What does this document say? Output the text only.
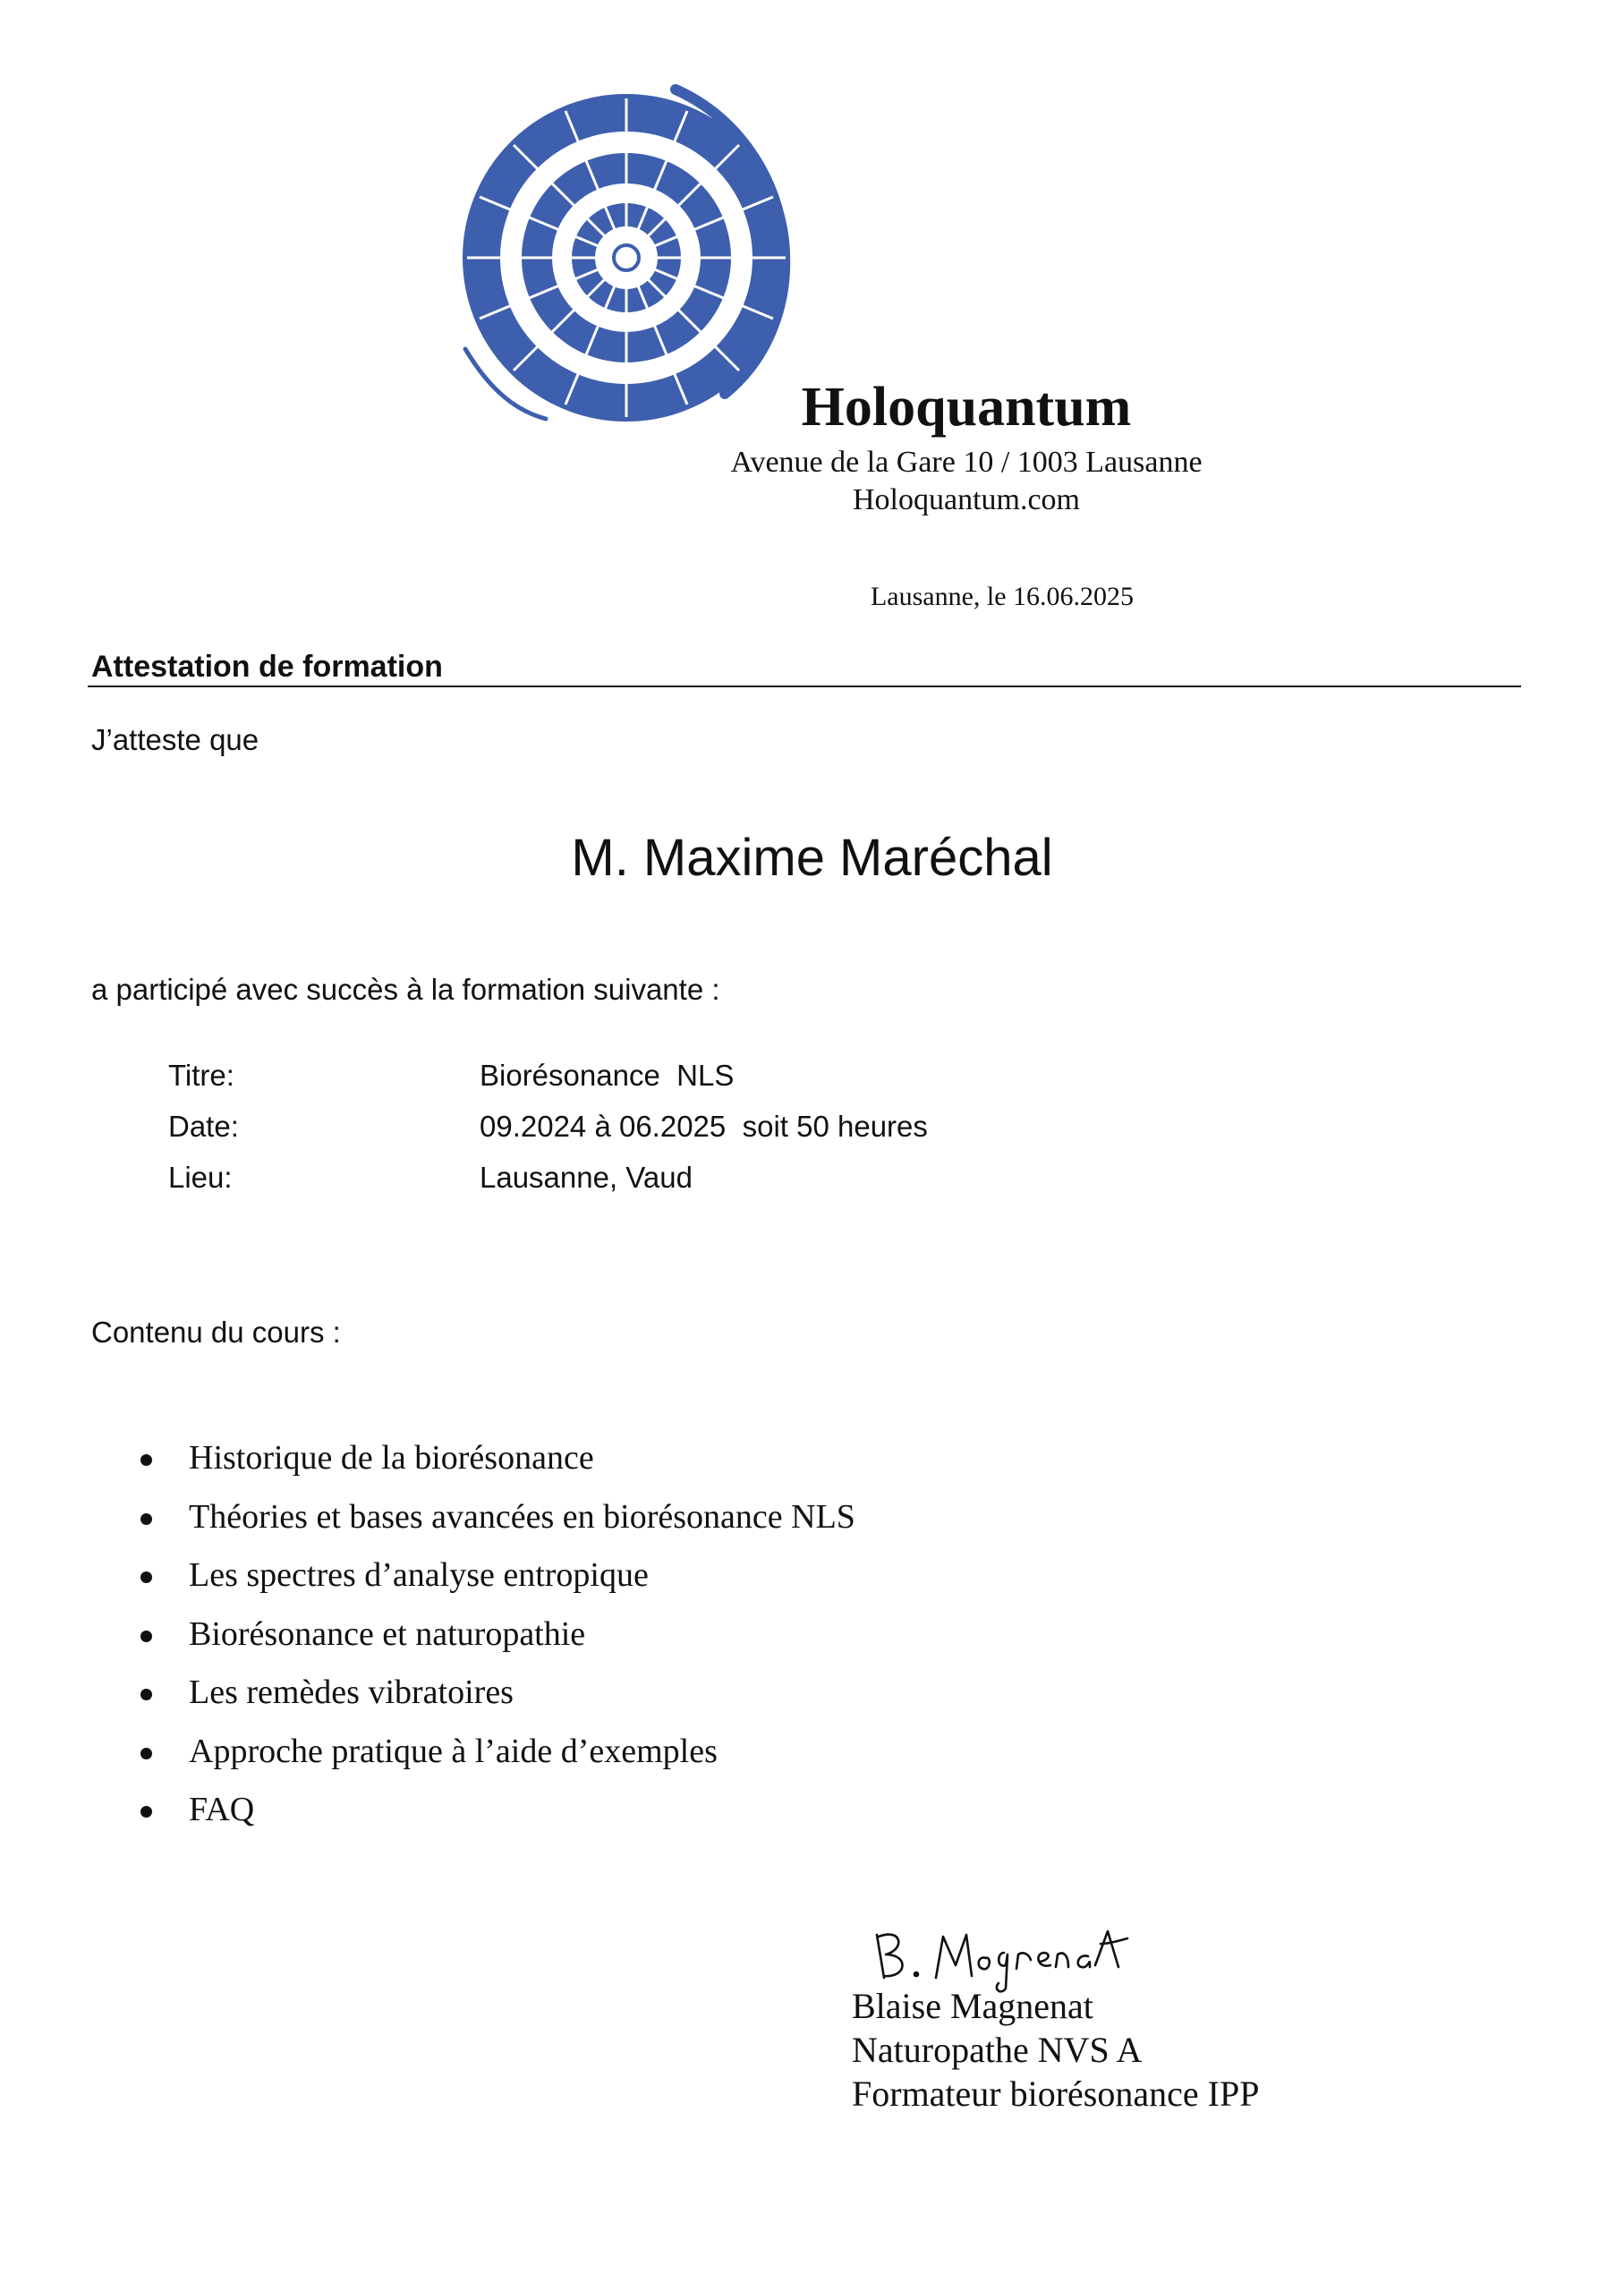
Holoquantum
Avenue de la Gare 10 / 1003 Lausanne
Holoquantum.com
Lausanne, le 16.06.2025
Attestation de formation
J’atteste que
M. Maxime Maréchal
a participé avec succès à la formation suivante :
Titre:	Biorésonance  NLS
Date:	09.2024 à 06.2025  soit 50 heures
Lieu:	Lausanne, Vaud
Contenu du cours :
Historique de la biorésonance
Théories et bases avancées en biorésonance NLS
Les spectres d’analyse entropique
Biorésonance et naturopathie
Les remèdes vibratoires
Approche pratique à l’aide d’exemples
FAQ
Blaise Magnenat
Naturopathe NVS A
Formateur biorésonance IPP
